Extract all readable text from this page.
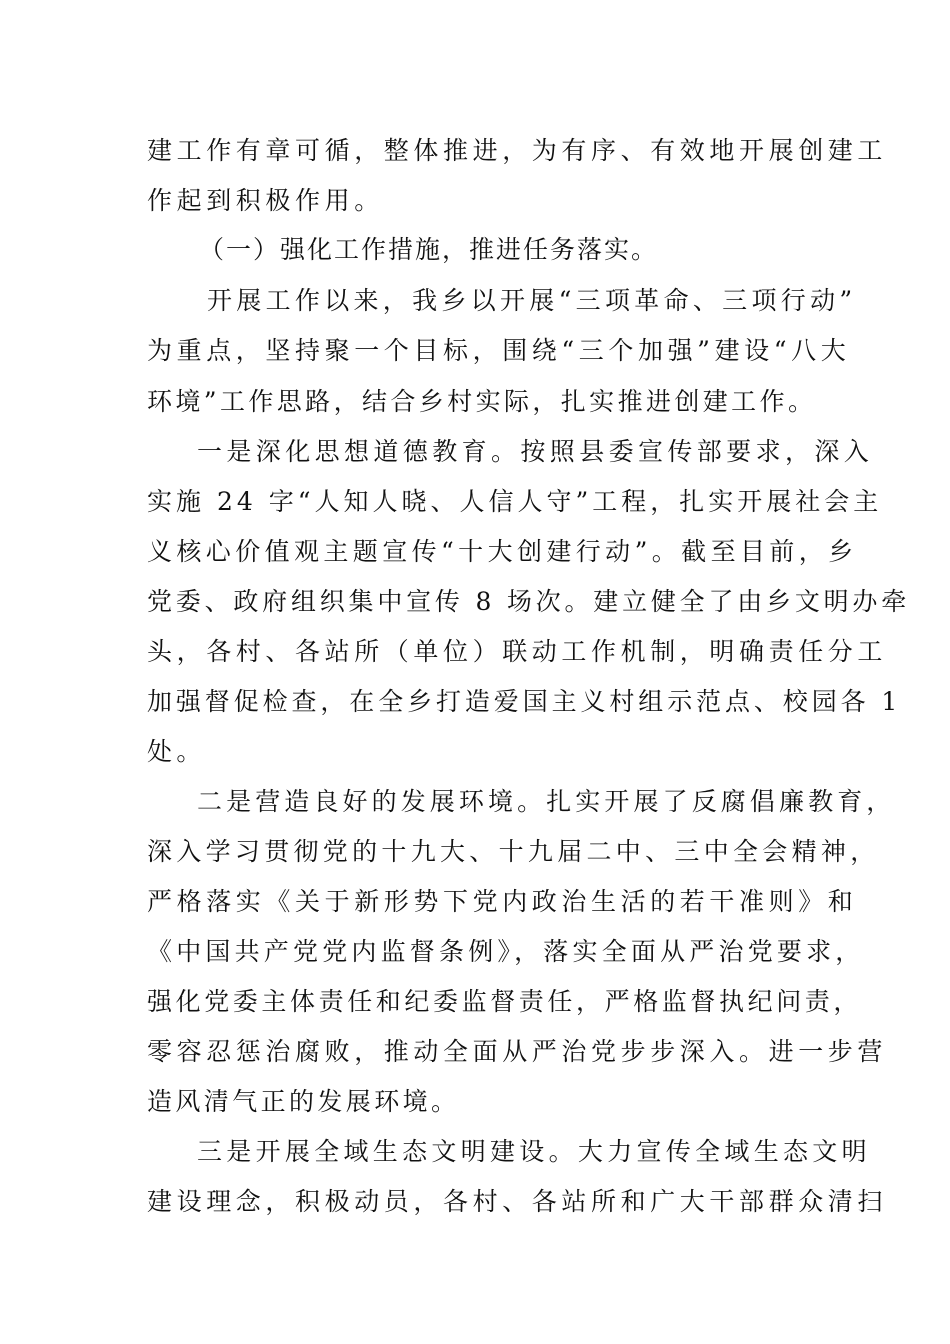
建工作有章可循，整体推进，为有序、有效地开展创建工
作起到积极作用。
（一）强化工作措施，推进任务落实。
开展工作以来，我乡以开展“三项革命、三项行动”
为重点，坚持聚一个目标，围绕“三个加强”建设“八大
环境”工作思路，结合乡村实际，扎实推进创建工作。
一是深化思想道德教育。按照县委宣传部要求，深入
实施 24 字“人知人晓、人信人守”工程，扎实开展社会主
义核心价值观主题宣传“十大创建行动”。截至目前，乡
党委、政府组织集中宣传 8 场次。建立健全了由乡文明办牵
头，各村、各站所（单位）联动工作机制，明确责任分工
加强督促检查，在全乡打造爱国主义村组示范点、校园各 1
处。
二是营造良好的发展环境。扎实开展了反腐倡廉教育，
深入学习贯彻党的十九大、十九届二中、三中全会精神，
严格落实《关于新形势下党内政治生活的若干准则》和
《中国共产党党内监督条例》，落实全面从严治党要求，
强化党委主体责任和纪委监督责任，严格监督执纪问责，
零容忍惩治腐败，推动全面从严治党步步深入。进一步营
造风清气正的发展环境。
三是开展全域生态文明建设。大力宣传全域生态文明
建设理念，积极动员，各村、各站所和广大干部群众清扫
